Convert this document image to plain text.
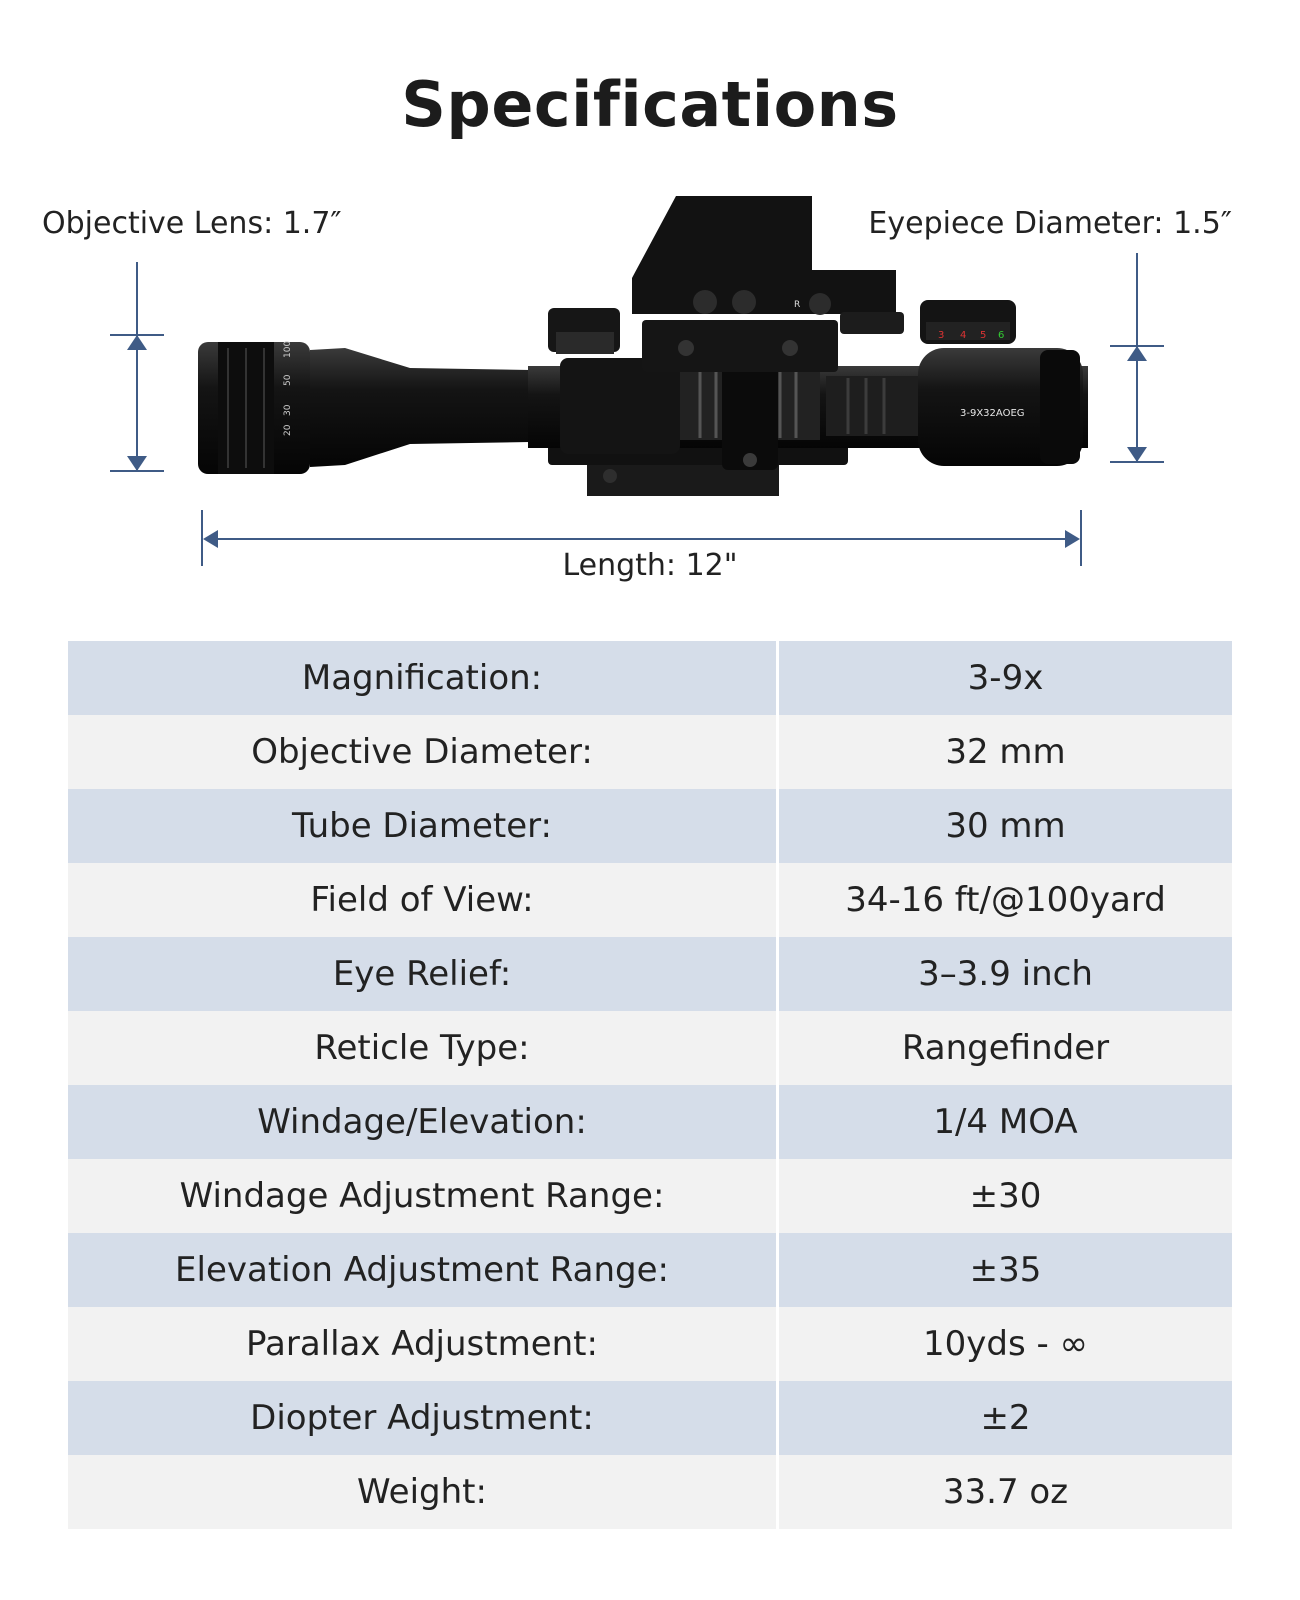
Specifications
Objective Lens: 1.7″	Eyepiece Diameter: 1.5″
100
50
30
20
3 4 5 6
R
3-9X32AOEG
Length: 12"
Magnification:	3-9x
Objective Diameter:	32 mm
Tube Diameter:	30 mm
Field of View:	34-16 ft/@100yard
Eye Relief:	3–3.9 inch
Reticle Type:	Rangefinder
Windage/Elevation:	1/4 MOA
Windage Adjustment Range:	±30
Elevation Adjustment Range:	±35
Parallax Adjustment:	10yds - ∞
Diopter Adjustment:	±2
Weight:	33.7 oz
